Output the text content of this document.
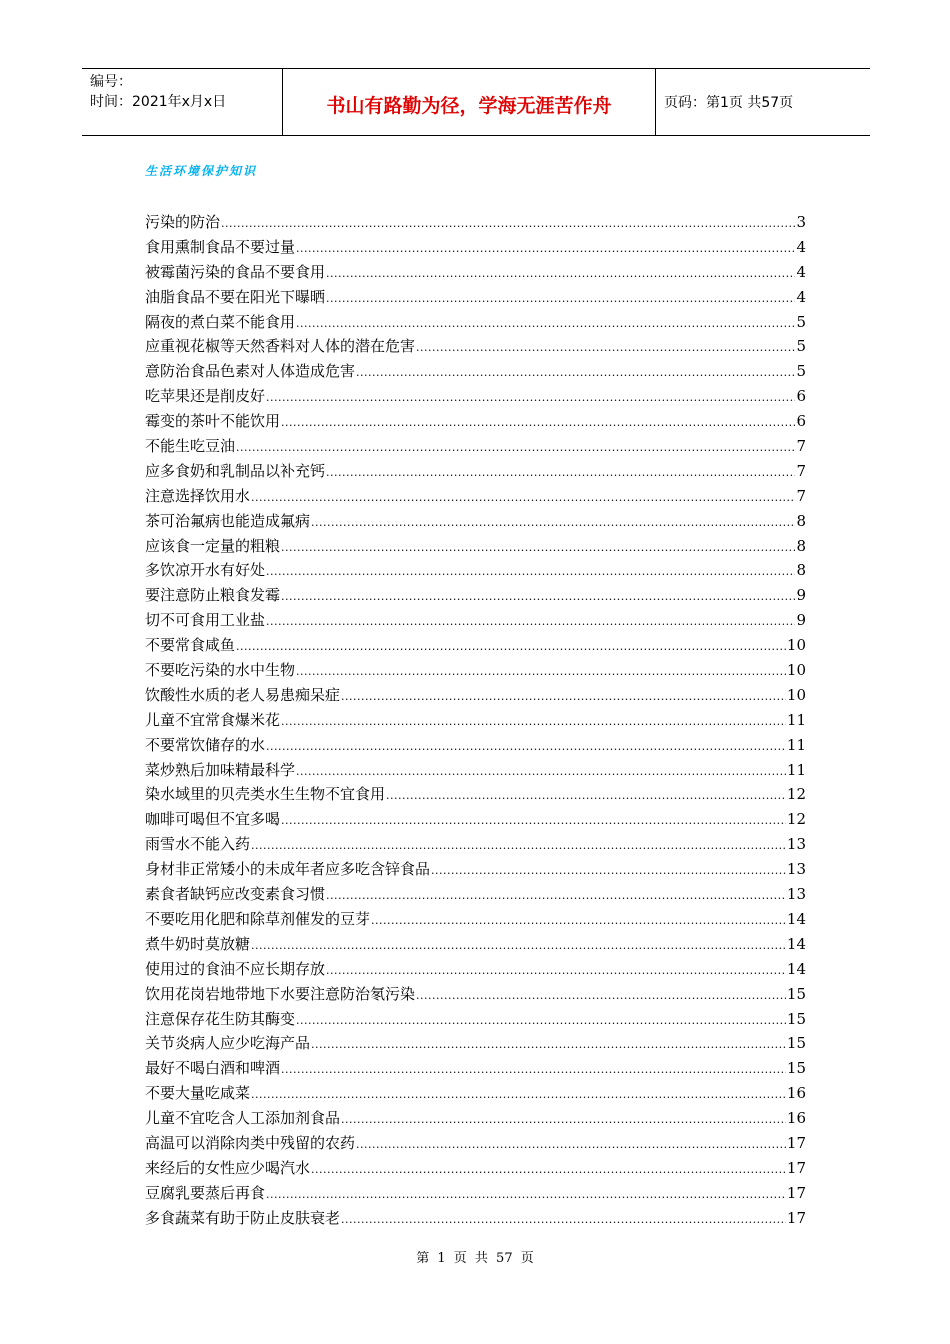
编号：
时间：2021年x月x日	书山有路勤为径，学海无涯苦作舟	页码：第1页 共57页
生活环境保护知识
污染的防治 .....	3
食用熏制食品不要过量 .....	4
被霉菌污染的食品不要食用 .....	4
油脂食品不要在阳光下曝晒 .....	4
隔夜的煮白菜不能食用 .....	5
应重视花椒等天然香料对人体的潜在危害 .....	5
意防治食品色素对人体造成危害 .....	5
吃苹果还是削皮好 .....	6
霉变的茶叶不能饮用 .....	6
不能生吃豆油 .....	7
应多食奶和乳制品以补充钙 .....	7
注意选择饮用水 .....	7
茶可治氟病也能造成氟病 .....	8
应该食一定量的粗粮 .....	8
多饮凉开水有好处 .....	8
要注意防止粮食发霉 .....	9
切不可食用工业盐 .....	9
不要常食咸鱼 .....	10
不要吃污染的水中生物 .....	10
饮酸性水质的老人易患痴呆症 .....	10
儿童不宜常食爆米花 .....	11
不要常饮储存的水 .....	11
菜炒熟后加味精最科学 .....	11
染水域里的贝壳类水生生物不宜食用 .....	12
咖啡可喝但不宜多喝 .....	12
雨雪水不能入药 .....	13
身材非正常矮小的未成年者应多吃含锌食品 .....	13
素食者缺钙应改变素食习惯 .....	13
不要吃用化肥和除草剂催发的豆芽 .....	14
煮牛奶时莫放糖 .....	14
使用过的食油不应长期存放 .....	14
饮用花岗岩地带地下水要注意防治氡污染 .....	15
注意保存花生防其酶变 .....	15
关节炎病人应少吃海产品 .....	15
最好不喝白酒和啤酒 .....	15
不要大量吃咸菜 .....	16
儿童不宜吃含人工添加剂食品 .....	16
高温可以消除肉类中残留的农药 .....	17
来经后的女性应少喝汽水 .....	17
豆腐乳要蒸后再食 .....	17
多食蔬菜有助于防止皮肤衰老 .....	17
第 1 页 共 57 页
